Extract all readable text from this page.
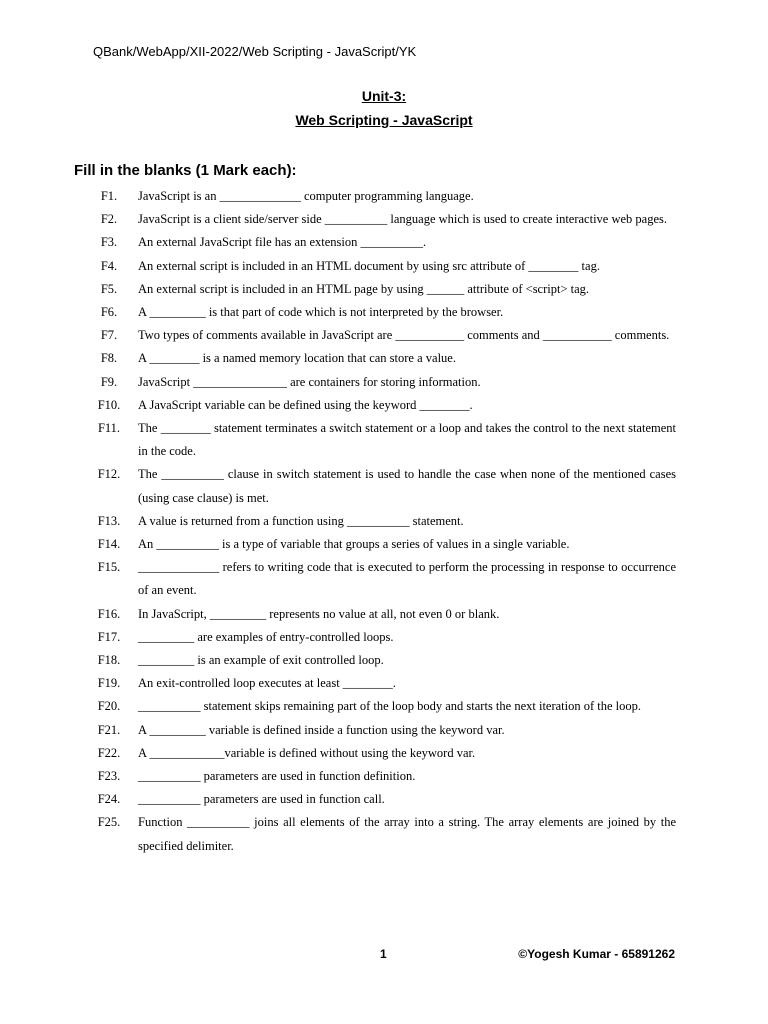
QBank/WebApp/XII-2022/Web Scripting - JavaScript/YK
Unit-3:
Web Scripting - JavaScript
Fill in the blanks (1 Mark each):
F1.	JavaScript is an _____________ computer programming language.
F2.	JavaScript is a client side/server side __________ language which is used to create interactive web pages.
F3.	An external JavaScript file has an extension __________.
F4.	An external script is included in an HTML document by using src attribute of ________ tag.
F5.	An external script is included in an HTML page by using ______ attribute of <script> tag.
F6.	A _________ is that part of code which is not interpreted by the browser.
F7.	Two types of comments available in JavaScript are ___________ comments and ___________ comments.
F8.	A ________ is a named memory location that can store a value.
F9.	JavaScript _______________ are containers for storing information.
F10.	A JavaScript variable can be defined using the keyword ________.
F11.	The ________ statement terminates a switch statement or a loop and takes the control to the next statement in the code.
F12.	The __________ clause in switch statement is used to handle the case when none of the mentioned cases (using case clause) is met.
F13.	A value is returned from a function using __________ statement.
F14.	An __________ is a type of variable that groups a series of values in a single variable.
F15.	_____________ refers to writing code that is executed to perform the processing in response to occurrence of an event.
F16.	In JavaScript, _________ represents no value at all, not even 0 or blank.
F17.	_________ are examples of entry-controlled loops.
F18.	_________ is an example of exit controlled loop.
F19.	An exit-controlled loop executes at least ________.
F20.	__________ statement skips remaining part of the loop body and starts the next iteration of the loop.
F21.	A _________ variable is defined inside a function using the keyword var.
F22.	A ____________variable is defined without using the keyword var.
F23.	__________ parameters are used in function definition.
F24.	__________ parameters are used in function call.
F25.	Function __________ joins all elements of the array into a string. The array elements are joined by the specified delimiter.
1	©Yogesh Kumar - 65891262
